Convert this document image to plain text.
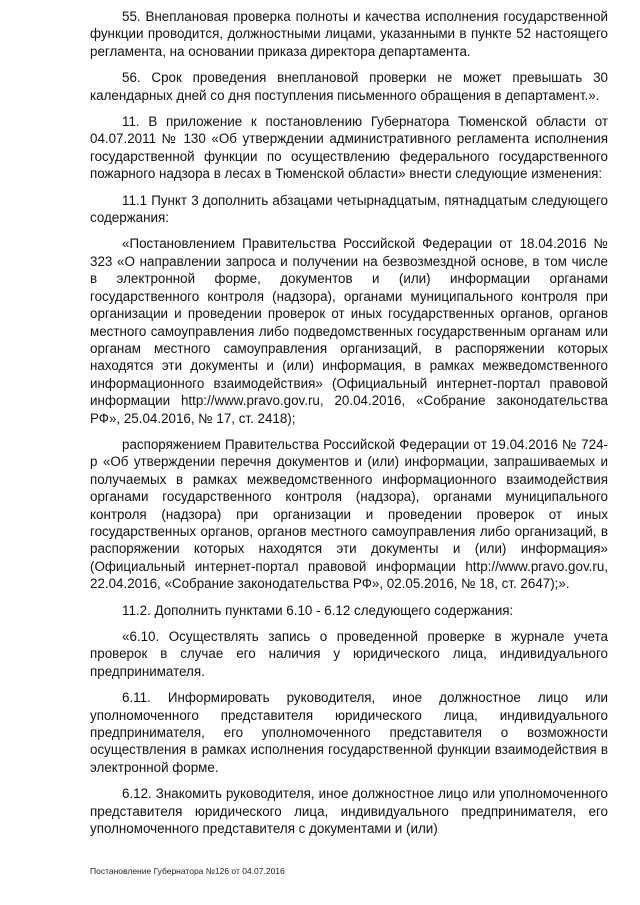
55. Внеплановая проверка полноты и качества исполнения государственной функции проводится, должностными лицами, указанными в пункте 52 настоящего регламента, на основании приказа директора департамента.

56. Срок проведения внеплановой проверки не может превышать 30 календарных дней со дня поступления письменного обращения в департамент.».

11. В приложение к постановлению Губернатора Тюменской области от 04.07.2011 № 130 «Об утверждении административного регламента исполнения государственной функции по осуществлению федерального государственного пожарного надзора в лесах в Тюменской области» внести следующие изменения:

11.1 Пункт 3 дополнить абзацами четырнадцатым, пятнадцатым следующего содержания:

«Постановлением Правительства Российской Федерации от 18.04.2016 № 323 «О направлении запроса и получении на безвозмездной основе, в том числе в электронной форме, документов и (или) информации органами государственного контроля (надзора), органами муниципального контроля при организации и проведении проверок от иных государственных органов, органов местного самоуправления либо подведомственных государственным органам или органам местного самоуправления организаций, в распоряжении которых находятся эти документы и (или) информация, в рамках межведомственного информационного взаимодействия» (Официальный интернет-портал правовой информации http://www.pravo.gov.ru, 20.04.2016, «Собрание законодательства РФ», 25.04.2016, № 17, ст. 2418);

распоряжением Правительства Российской Федерации от 19.04.2016 № 724-р «Об утверждении перечня документов и (или) информации, запрашиваемых и получаемых в рамках межведомственного информационного взаимодействия органами государственного контроля (надзора), органами муниципального контроля (надзора) при организации и проведении проверок от иных государственных органов, органов местного самоуправления либо организаций, в распоряжении которых находятся эти документы и (или) информация» (Официальный интернет-портал правовой информации http://www.pravo.gov.ru, 22.04.2016, «Собрание законодательства РФ», 02.05.2016, № 18, ст. 2647);».

11.2. Дополнить пунктами 6.10 - 6.12 следующего содержания:

«6.10. Осуществлять запись о проведенной проверке в журнале учета проверок в случае его наличия у юридического лица, индивидуального предпринимателя.

6.11. Информировать руководителя, иное должностное лицо или уполномоченного представителя юридического лица, индивидуального предпринимателя, его уполномоченного представителя о возможности осуществления в рамках исполнения государственной функции взаимодействия в электронной форме.

6.12. Знакомить руководителя, иное должностное лицо или уполномоченного представителя юридического лица, индивидуального предпринимателя, его уполномоченного представителя с документами и (или)

Постановление Губернатора №126 от 04.07.2016
